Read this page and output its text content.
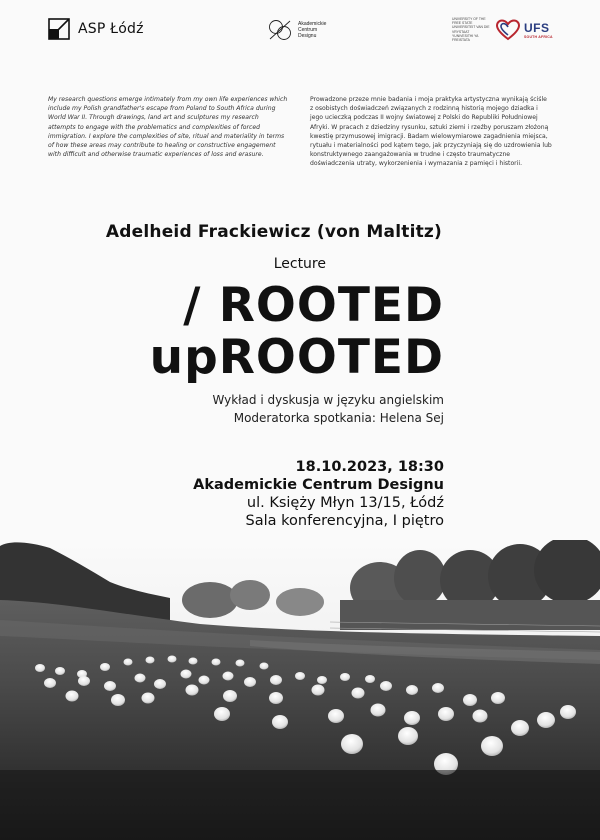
ASP Łódź	Akademickie
Centrum
Designu
UNIVERSITY OF THE
FREE STATE
UNIVERSITEIT VAN DIE
VRYSTAAT
YUNIVESITHI YA
FREISTATA
UFS
SOUTH AFRICA
My research questions emerge intimately from my own life experiences which include my Polish grandfather's escape from Poland to South Africa during World War II. Through drawings, land art and sculptures my research attempts to engage with the problematics and complexities of forced immigration. I explore the complexities of site, ritual and materiality in terms of how these areas may contribute to healing or constructive engagement with difficult and otherwise traumatic experiences of loss and erasure.
Prowadzone przeze mnie badania i moja praktyka artystyczna wynikają ściśle z osobistych doświadczeń związanych z rodzinną historią mojego dziadka i jego ucieczką podczas II wojny światowej z Polski do Republiki Południowej Afryki. W pracach z dziedziny rysunku, sztuki ziemi i rzeźby poruszam złożoną kwestię przymusowej imigracji. Badam wielowymiarowe zagadnienia miejsca, rytuału i materialności pod kątem tego, jak przyczyniają się do uzdrowienia lub konstruktywnego zaangażowania w trudne i często traumatyczne doświadczenia utraty, wykorzenienia i wymazania z pamięci i historii.
Adelheid Frackiewicz (von Maltitz)
Lecture
/ ROOTED
upROOTED
Wykład i dyskusja w języku angielskim
Moderatorka spotkania: Helena Sej
18.10.2023, 18:30
Akademickie Centrum Designu
ul. Księży Młyn 13/15, Łódź
Sala konferencyjna, I piętro
